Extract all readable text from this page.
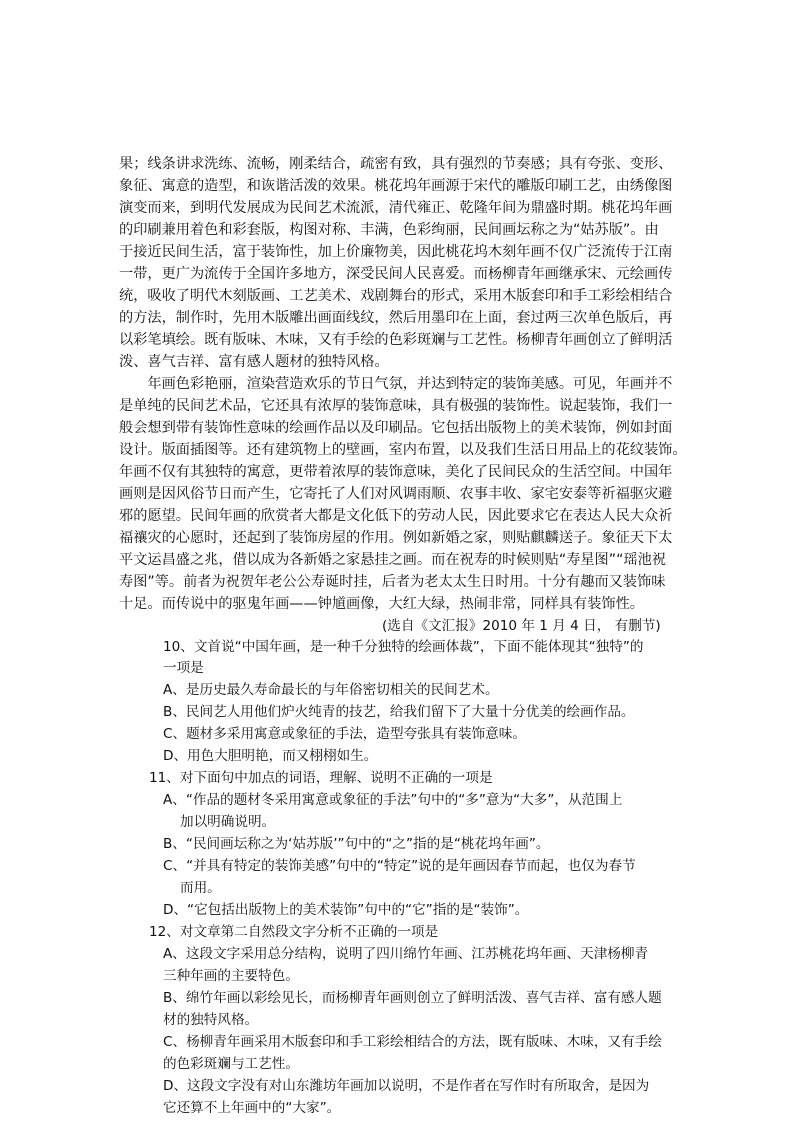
果；线条讲求洗练、流畅，刚柔结合，疏密有致，具有强烈的节奏感；具有夸张、变形、
象征、寓意的造型，和诙谐活泼的效果。桃花坞年画源于宋代的雕版印刷工艺，由绣像图
演变而来，到明代发展成为民间艺术流派，清代雍正、乾隆年间为鼎盛时期。桃花坞年画
的印刷兼用着色和彩套版，构图对称、丰满，色彩绚丽，民间画坛称之为“姑苏版”。由
于接近民间生活，富于装饰性，加上价廉物美，因此桃花坞木刻年画不仅广泛流传于江南
一带，更广为流传于全国许多地方，深受民间人民喜爱。而杨柳青年画继承宋、元绘画传
统，吸收了明代木刻版画、工艺美术、戏剧舞台的形式，采用木版套印和手工彩绘相结合
的方法，制作时，先用木版雕出画面线纹，然后用墨印在上面，套过两三次单色版后，再
以彩笔填绘。既有版味、木味，又有手绘的色彩斑斓与工艺性。杨柳青年画创立了鲜明活
泼、喜气吉祥、富有感人题材的独特风格。
　　年画色彩艳丽，渲染营造欢乐的节日气氛，并达到特定的装饰美感。可见，年画并不
是单纯的民间艺术品，它还具有浓厚的装饰意味，具有极强的装饰性。说起装饰，我们一
般会想到带有装饰性意味的绘画作品以及印刷品。它包括出版物上的美术装饰，例如封面
设计。版面插图等。还有建筑物上的壁画，室内布置，以及我们生活日用品上的花纹装饰。
年画不仅有其独特的寓意，更带着浓厚的装饰意味，美化了民间民众的生活空间。中国年
画则是因风俗节日而产生，它寄托了人们对风调雨顺、农事丰收、家宅安泰等祈福驱灾避
邪的愿望。民间年画的欣赏者大都是文化低下的劳动人民，因此要求它在表达人民大众祈
福禳灾的心愿时，还起到了装饰房屋的作用。例如新婚之家，则贴麒麟送子。象征天下太
平文运昌盛之兆，借以成为各新婚之家悬挂之画。而在祝寿的时候则贴“寿星图”“瑶池祝
寿图”等。前者为祝贺年老公公寿诞时挂，后者为老太太生日时用。十分有趣而又装饰味
十足。而传说中的驱鬼年画——钟馗画像，大红大绿，热闹非常，同样具有装饰性。
(选自《文汇报》2010 年 1 月 4 日， 有删节)
10、文首说“中国年画，是一种千分独特的绘画体裁”，下面不能体现其“独特”的
一项是
A、是历史最久寿命最长的与年俗密切相关的民间艺术。
B、民间艺人用他们炉火纯青的技艺，给我们留下了大量十分优美的绘画作品。
C、题材多采用寓意或象征的手法，造型夸张具有装饰意味。
D、用色大胆明艳，而又栩栩如生。
11、对下面句中加点的词语，理解、说明不正确的一项是
A、“作品的题材冬采用寓意或象征的手法”句中的“多”意为“大多”，从范围上
加以明确说明。
B、“民间画坛称之为‘姑苏版’”句中的“之”指的是“桃花坞年画”。
C、“并具有特定的装饰美感”句中的“特定”说的是年画因春节而起，也仅为春节
而用。
D、“它包括出版物上的美术装饰”句中的“它”指的是“装饰”。
12、对文章第二自然段文字分析不正确的一项是
A、这段文字采用总分结构，说明了四川绵竹年画、江苏桃花坞年画、天津杨柳青
三种年画的主要特色。
B、绵竹年画以彩绘见长，而杨柳青年画则创立了鲜明活泼、喜气吉祥、富有感人题
材的独特风格。
C、杨柳青年画采用木版套印和手工彩绘相结合的方法，既有版味、木味，又有手绘
的色彩斑斓与工艺性。
D、这段文字没有对山东潍坊年画加以说明，不是作者在写作时有所取舍，是因为
它还算不上年画中的“大家”。
